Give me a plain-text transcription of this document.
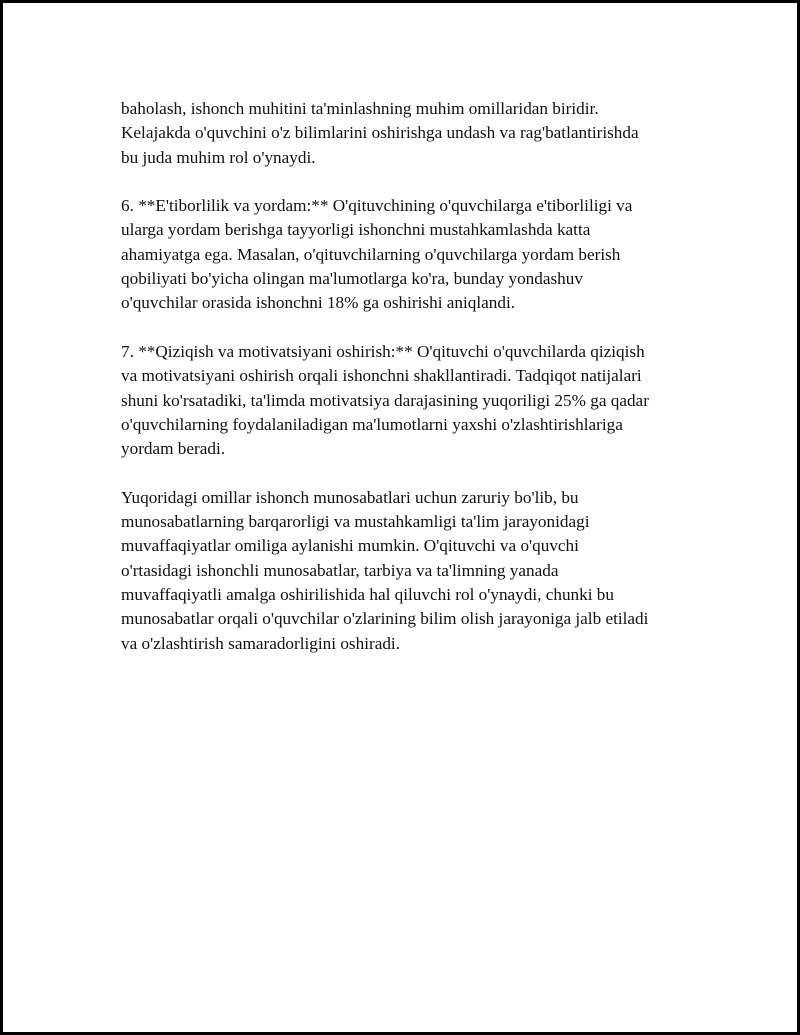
baholash, ishonch muhitini ta'minlashning muhim omillaridan biridir.
Kelajakda o'quvchini o'z bilimlarini oshirishga undash va rag'batlantirishda
bu juda muhim rol o'ynaydi.

6. **E'tiborlilik va yordam:** O'qituvchining o'quvchilarga e'tiborliligi va
ularga yordam berishga tayyorligi ishonchni mustahkamlashda katta
ahamiyatga ega. Masalan, o'qituvchilarning o'quvchilarga yordam berish
qobiliyati bo'yicha olingan ma'lumotlarga ko'ra, bunday yondashuv
o'quvchilar orasida ishonchni 18% ga oshirishi aniqlandi.

7. **Qiziqish va motivatsiyani oshirish:** O'qituvchi o'quvchilarda qiziqish
va motivatsiyani oshirish orqali ishonchni shakllantiradi. Tadqiqot natijalari
shuni ko'rsatadiki, ta'limda motivatsiya darajasining yuqoriligi 25% ga qadar
o'quvchilarning foydalaniladigan ma'lumotlarni yaxshi o'zlashtirishlariga
yordam beradi.

Yuqoridagi omillar ishonch munosabatlari uchun zaruriy bo'lib, bu
munosabatlarning barqarorligi va mustahkamligi ta'lim jarayonidagi
muvaffaqiyatlar omiliga aylanishi mumkin. O'qituvchi va o'quvchi
o'rtasidagi ishonchli munosabatlar, tarbiya va ta'limning yanada
muvaffaqiyatli amalga oshirilishida hal qiluvchi rol o'ynaydi, chunki bu
munosabatlar orqali o'quvchilar o'zlarining bilim olish jarayoniga jalb etiladi
va o'zlashtirish samaradorligini oshiradi.
